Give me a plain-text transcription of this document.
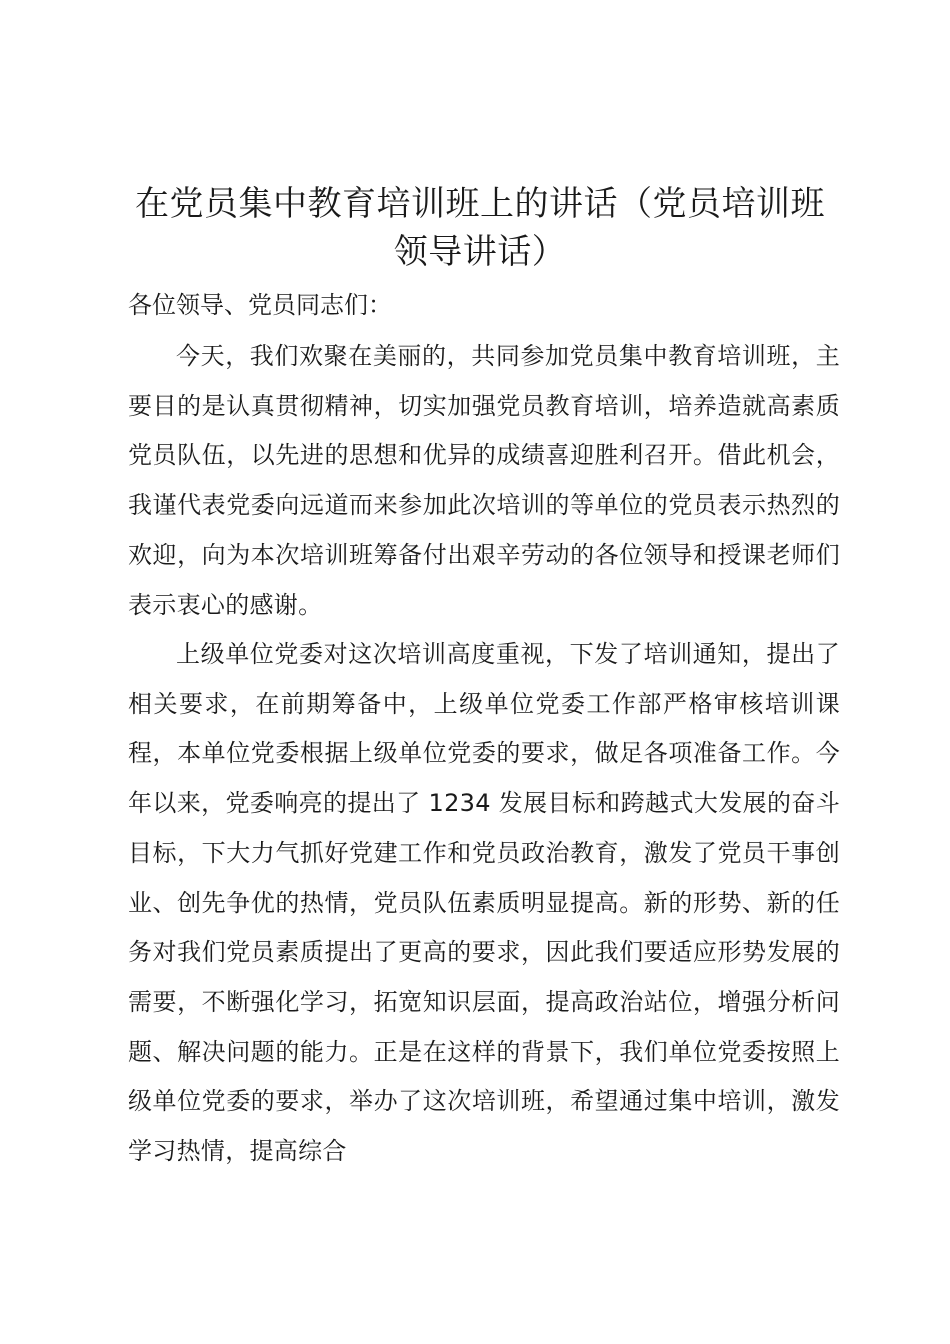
在党员集中教育培训班上的讲话（党员培训班领导讲话）

各位领导、党员同志们：

今天，我们欢聚在美丽的，共同参加党员集中教育培训班，主要目的是认真贯彻精神，切实加强党员教育培训，培养造就高素质党员队伍，以先进的思想和优异的成绩喜迎胜利召开。借此机会，我谨代表党委向远道而来参加此次培训的等单位的党员表示热烈的欢迎，向为本次培训班筹备付出艰辛劳动的各位领导和授课老师们表示衷心的感谢。

上级单位党委对这次培训高度重视，下发了培训通知，提出了相关要求，在前期筹备中，上级单位党委工作部严格审核培训课程，本单位党委根据上级单位党委的要求，做足各项准备工作。今年以来，党委响亮的提出了 1234 发展目标和跨越式大发展的奋斗目标，下大力气抓好党建工作和党员政治教育，激发了党员干事创业、创先争优的热情，党员队伍素质明显提高。新的形势、新的任务对我们党员素质提出了更高的要求，因此我们要适应形势发展的需要，不断强化学习，拓宽知识层面，提高政治站位，增强分析问题、解决问题的能力。正是在这样的背景下，我们单位党委按照上级单位党委的要求，举办了这次培训班，希望通过集中培训，激发学习热情，提高综合
